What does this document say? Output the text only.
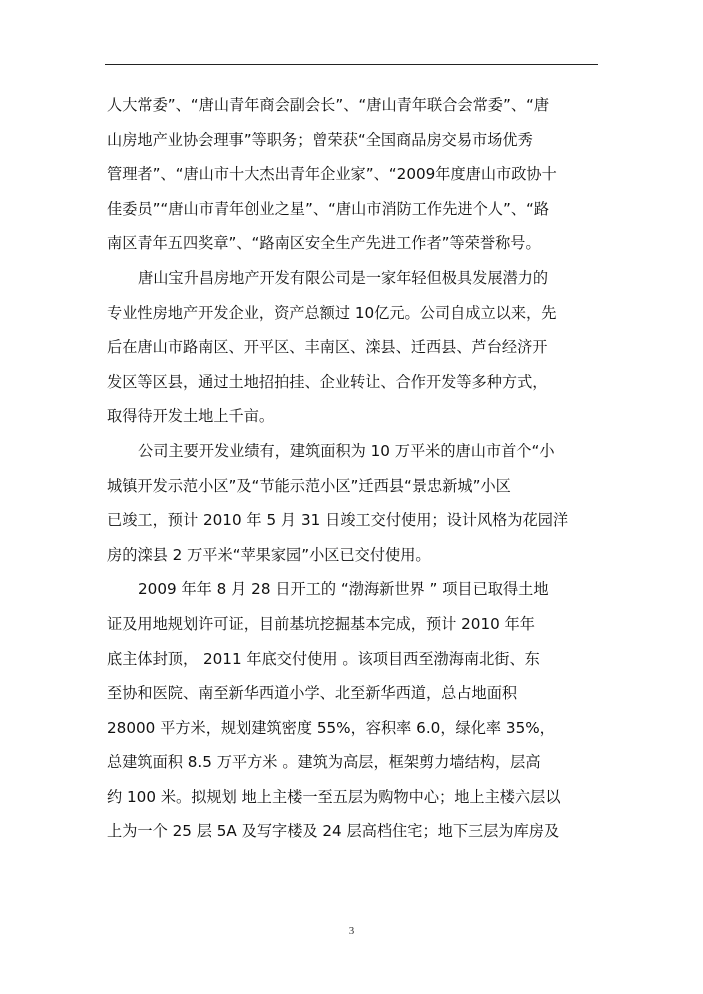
人大常委”、“唐山青年商会副会长”、“唐山青年联合会常委”、“唐
山房地产业协会理事”等职务；曾荣获“全国商品房交易市场优秀
管理者”、“唐山市十大杰出青年企业家”、“2009年度唐山市政协十
佳委员”“唐山市青年创业之星”、“唐山市消防工作先进个人”、“路
南区青年五四奖章”、“路南区安全生产先进工作者”等荣誉称号。
唐山宝升昌房地产开发有限公司是一家年轻但极具发展潜力的
专业性房地产开发企业，资产总额过 10亿元。公司自成立以来，先
后在唐山市路南区、开平区、丰南区、滦县、迁西县、芦台经济开
发区等区县，通过土地招拍挂、企业转让、合作开发等多种方式，
取得待开发土地上千亩。
公司主要开发业绩有，建筑面积为 10 万平米的唐山市首个“小
城镇开发示范小区”及“节能示范小区”迁西县“景忠新城”小区
已竣工，预计 2010 年 5 月 31 日竣工交付使用；设计风格为花园洋
房的滦县 2 万平米“苹果家园”小区已交付使用。
2009 年年 8 月 28 日开工的 “渤海新世界 ” 项目已取得土地
证及用地规划许可证，目前基坑挖掘基本完成，预计 2010 年年
底主体封顶， 2011 年底交付使用 。该项目西至渤海南北街、东
至协和医院、南至新华西道小学、北至新华西道，总占地面积
28000 平方米，规划建筑密度 55%，容积率 6.0，绿化率 35%，
总建筑面积 8.5 万平方米 。建筑为高层，框架剪力墙结构，层高
约 100 米。拟规划 地上主楼一至五层为购物中心；地上主楼六层以
上为一个 25 层 5A 及写字楼及 24 层高档住宅；地下三层为库房及
3
